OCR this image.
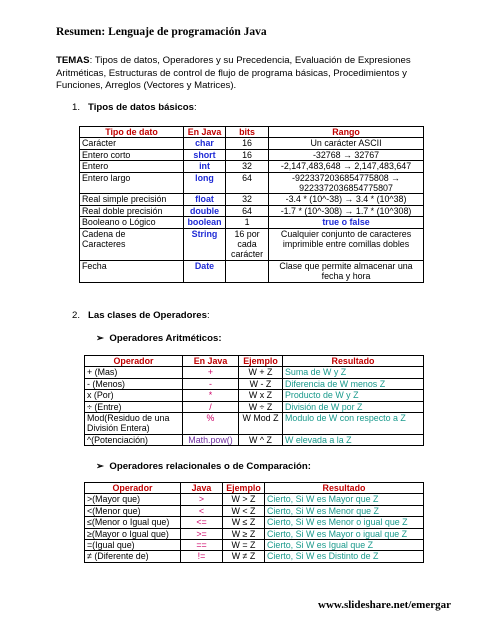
Resumen: Lenguaje de programación Java
TEMAS: Tipos de datos, Operadores y su Precedencia, Evaluación de Expresiones Aritméticas, Estructuras de control de flujo de programa básicas, Procedimientos y Funciones, Arreglos (Vectores y Matrices).
1. Tipos de datos básicos:
Tipo de dato	En Java	bits	Rango
Carácter	char	16	Un carácter ASCII
Entero corto	short	16	-32768 → 32767
Entero	int	32	-2,147,483,648 → 2,147,483,647
Entero largo	long	64	-9223372036854775808 → 9223372036854775807
Real simple precisión	float	32	-3.4 * (10^-38) → 3.4 * (10^38)
Real doble precisión	double	64	-1.7 * (10^-308) → 1.7 * (10^308)
Booleano o Lógico	boolean	1	true o false
Cadena de Caracteres	String	16 por cada carácter	Cualquier conjunto de caracteres imprimible entre comillas dobles
Fecha	Date		Clase que permite almacenar una fecha y hora
2. Las clases de Operadores:
➢ Operadores Aritméticos:
Operador	En Java	Ejemplo	Resultado
+ (Mas)	+	W + Z	Suma de W y Z
- (Menos)	-	W - Z	Diferencia de W menos Z
x (Por)	*	W x Z	Producto de W y Z
÷ (Entre)	/	W ÷ Z	División de W por Z
Mod(Residuo de una División Entera)	%	W Mod Z	Modulo de W con respecto a Z
^(Potenciación)	Math.pow()	W ^ Z	W elevada a la Z
➢ Operadores relacionales o de Comparación:
Operador	Java	Ejemplo	Resultado
>(Mayor que)	>	W > Z	Cierto, Si W es Mayor que Z
<(Menor que)	<	W < Z	Cierto, Si W es Menor que Z
≤(Menor o Igual que)	<=	W ≤ Z	Cierto, Si W es Menor o igual que Z
≥(Mayor o Igual que)	>=	W ≥ Z	Cierto, Si W es Mayor o igual que Z
=(Igual que)	==	W = Z	Cierto, Si W es Igual que Z
≠ (Diferente de)	!=	W ≠ Z	Cierto, Si W es Distinto de Z
www.slideshare.net/emergar
